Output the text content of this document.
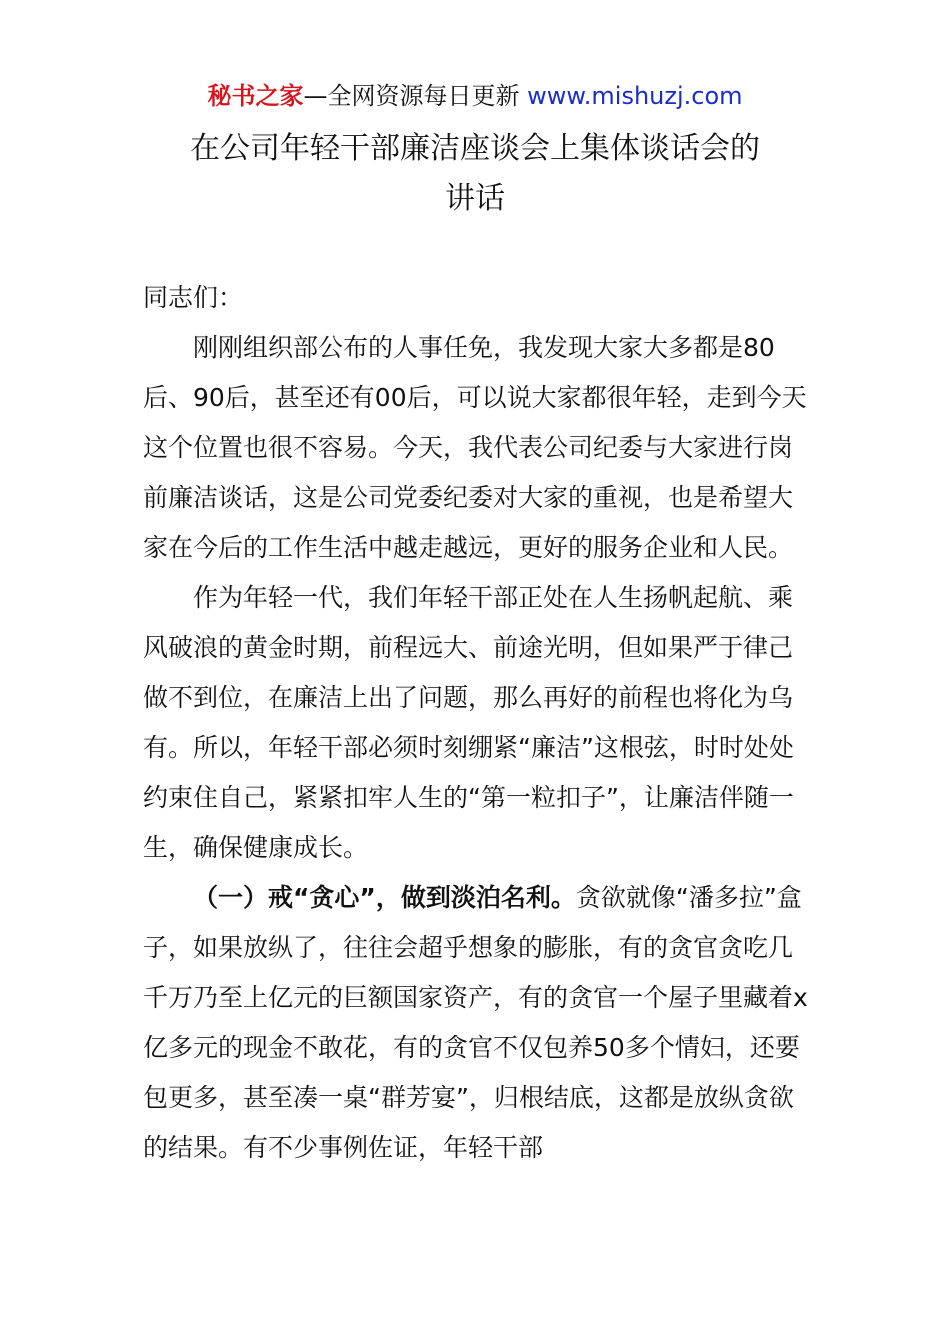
秘书之家—全网资源每日更新 www.mishuzj.com
在公司年轻干部廉洁座谈会上集体谈话会的
讲话

同志们：

刚刚组织部公布的人事任免，我发现大家大多都是80后、90后，甚至还有00后，可以说大家都很年轻，走到今天这个位置也很不容易。今天，我代表公司纪委与大家进行岗前廉洁谈话，这是公司党委纪委对大家的重视，也是希望大家在今后的工作生活中越走越远，更好的服务企业和人民。

作为年轻一代，我们年轻干部正处在人生扬帆起航、乘风破浪的黄金时期，前程远大、前途光明，但如果严于律己做不到位，在廉洁上出了问题，那么再好的前程也将化为乌有。所以，年轻干部必须时刻绷紧“廉洁”这根弦，时时处处约束住自己，紧紧扣牢人生的“第一粒扣子”，让廉洁伴随一生，确保健康成长。

（一）戒“贪心”，做到淡泊名利。贪欲就像“潘多拉”盒子，如果放纵了，往往会超乎想象的膨胀，有的贪官贪吃几千万乃至上亿元的巨额国家资产，有的贪官一个屋子里藏着x亿多元的现金不敢花，有的贪官不仅包养50多个情妇，还要包更多，甚至凑一桌“群芳宴”，归根结底，这都是放纵贪欲的结果。有不少事例佐证，年轻干部
